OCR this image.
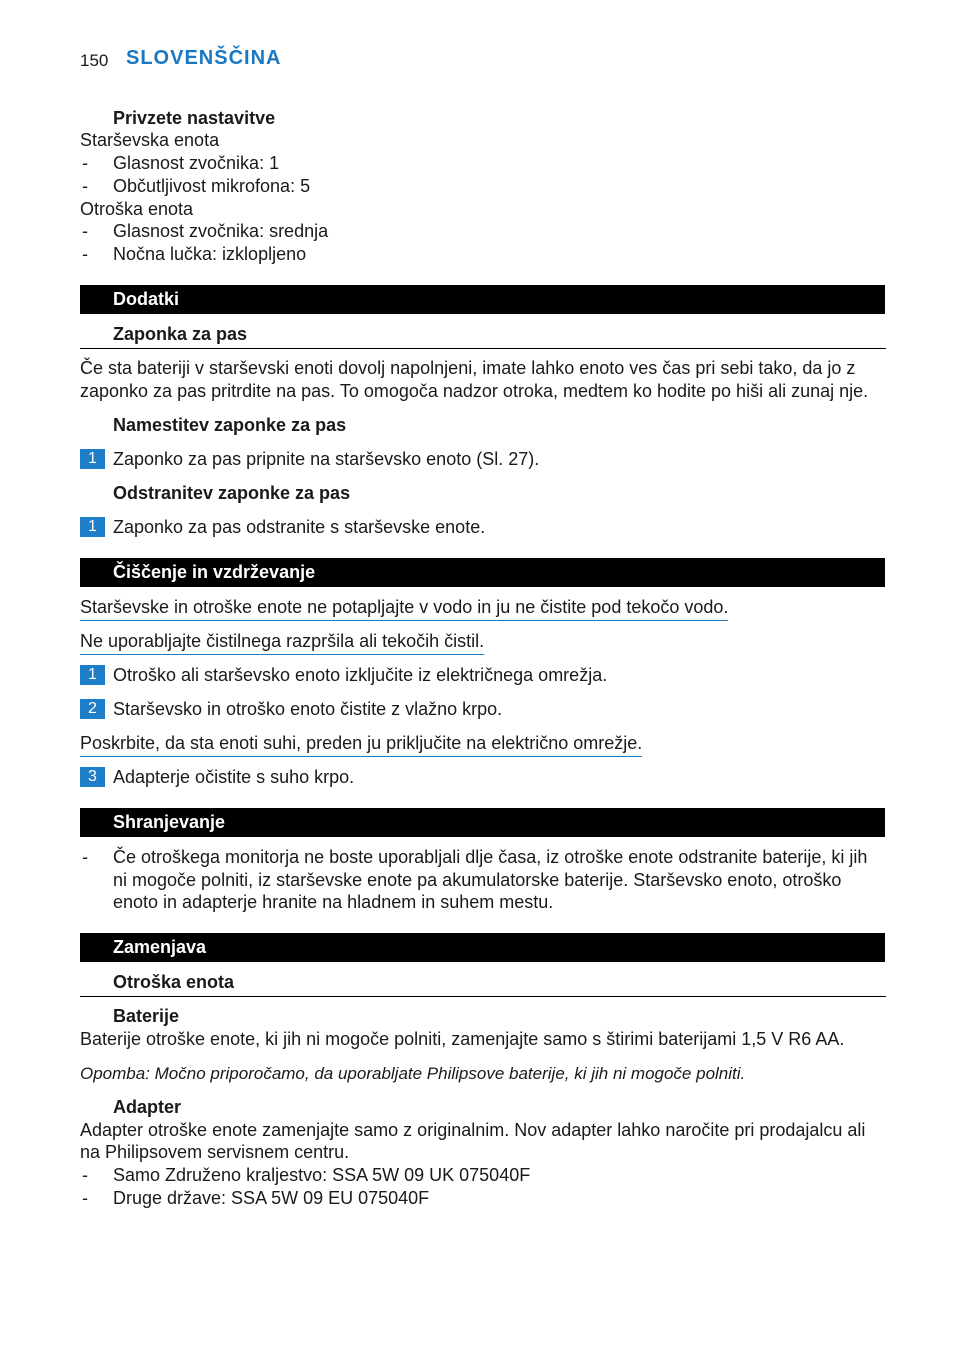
150 SLOVENŠČINA
Privzete nastavitve
Starševska enota
- Glasnost zvočnika: 1
- Občutljivost mikrofona: 5
Otroška enota
- Glasnost zvočnika: srednja
- Nočna lučka: izklopljeno
Dodatki
Zaponka za pas
Če sta bateriji v starševski enoti dovolj napolnjeni, imate lahko enoto ves čas pri sebi tako, da jo z
zaponko za pas pritrdite na pas. To omogoča nadzor otroka, medtem ko hodite po hiši ali zunaj nje.
Namestitev zaponke za pas
1 Zaponko za pas pripnite na starševsko enoto (Sl. 27).
Odstranitev zaponke za pas
1 Zaponko za pas odstranite s starševske enote.
Čiščenje in vzdrževanje
Starševske in otroške enote ne potapljajte v vodo in ju ne čistite pod tekočo vodo.
Ne uporabljajte čistilnega razpršila ali tekočih čistil.
1 Otroško ali starševsko enoto izključite iz električnega omrežja.
2 Starševsko in otroško enoto čistite z vlažno krpo.
Poskrbite, da sta enoti suhi, preden ju priključite na električno omrežje.
3 Adapterje očistite s suho krpo.
Shranjevanje
- Če otroškega monitorja ne boste uporabljali dlje časa, iz otroške enote odstranite baterije, ki jih
ni mogoče polniti, iz starševske enote pa akumulatorske baterije. Starševsko enoto, otroško
enoto in adapterje hranite na hladnem in suhem mestu.
Zamenjava
Otroška enota
Baterije
Baterije otroške enote, ki jih ni mogoče polniti, zamenjajte samo s štirimi baterijami 1,5 V R6 AA.
Opomba: Močno priporočamo, da uporabljate Philipsove baterije, ki jih ni mogoče polniti.
Adapter
Adapter otroške enote zamenjajte samo z originalnim. Nov adapter lahko naročite pri prodajalcu ali
na Philipsovem servisnem centru.
- Samo Združeno kraljestvo: SSA 5W 09 UK 075040F
- Druge države: SSA 5W 09 EU 075040F
